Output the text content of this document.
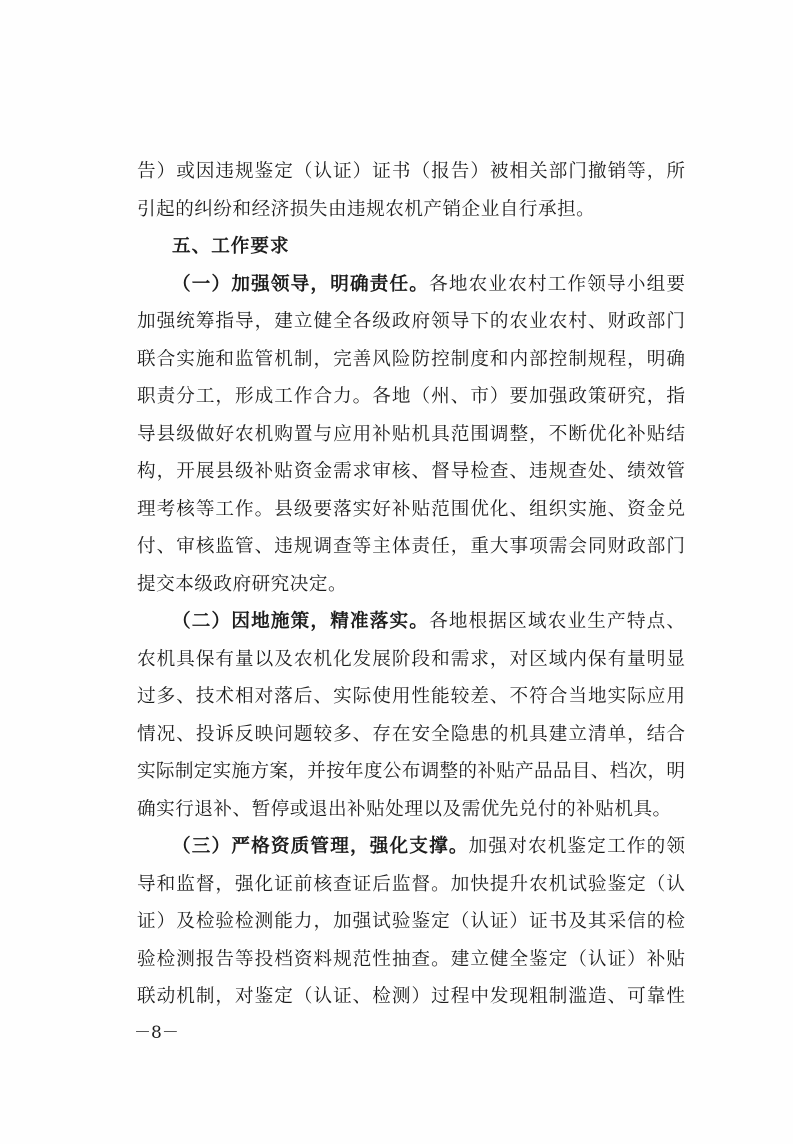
告）或因违规鉴定（认证）证书（报告）被相关部门撤销等，所
引起的纠纷和经济损失由违规农机产销企业自行承担。
五、工作要求
（一）加强领导，明确责任。各地农业农村工作领导小组要
加强统筹指导，建立健全各级政府领导下的农业农村、财政部门
联合实施和监管机制，完善风险防控制度和内部控制规程，明确
职责分工，形成工作合力。各地（州、市）要加强政策研究，指
导县级做好农机购置与应用补贴机具范围调整，不断优化补贴结
构，开展县级补贴资金需求审核、督导检查、违规查处、绩效管
理考核等工作。县级要落实好补贴范围优化、组织实施、资金兑
付、审核监管、违规调查等主体责任，重大事项需会同财政部门
提交本级政府研究决定。
（二）因地施策，精准落实。各地根据区域农业生产特点、
农机具保有量以及农机化发展阶段和需求，对区域内保有量明显
过多、技术相对落后、实际使用性能较差、不符合当地实际应用
情况、投诉反映问题较多、存在安全隐患的机具建立清单，结合
实际制定实施方案，并按年度公布调整的补贴产品品目、档次，明
确实行退补、暂停或退出补贴处理以及需优先兑付的补贴机具。
（三）严格资质管理，强化支撑。加强对农机鉴定工作的领
导和监督，强化证前核查证后监督。加快提升农机试验鉴定（认
证）及检验检测能力，加强试验鉴定（认证）证书及其采信的检
验检测报告等投档资料规范性抽查。建立健全鉴定（认证）补贴
联动机制，对鉴定（认证、检测）过程中发现粗制滥造、可靠性
－8－
